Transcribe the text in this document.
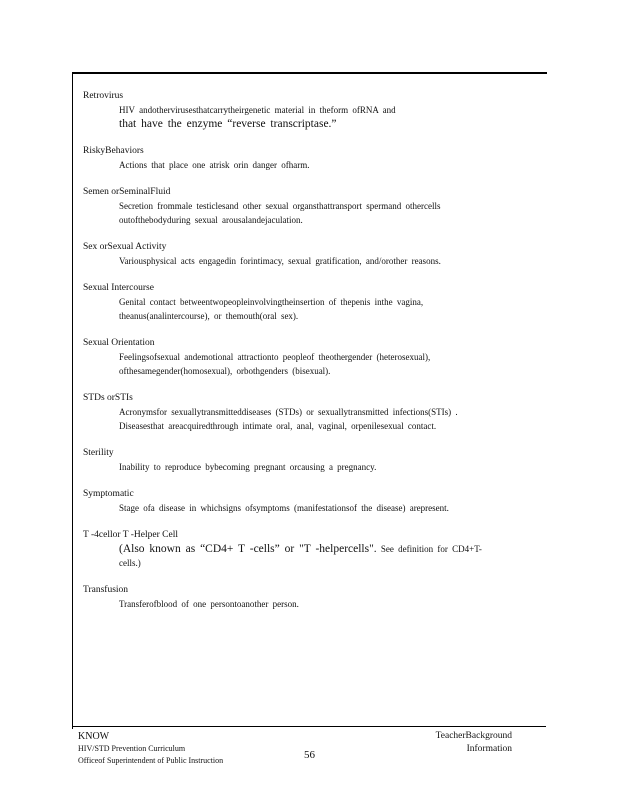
Retrovirus
HIV andothervirusesthatcarrytheirgenetic material in theform ofRNA and
that have the enzyme “reverse transcriptase.”
RiskyBehaviors
Actions that place one atrisk orin danger ofharm.
Semen orSeminalFluid
Secretion frommale testiclesand other sexual organsthattransport spermand othercells outofthebodyduring sexual arousalandejaculation.
Sex orSexual Activity
Variousphysical acts engagedin forintimacy, sexual gratification, and/orother reasons.
Sexual Intercourse
Genital contact betweentwopeopleinvolvingtheinsertion of thepenis inthe vagina, theanus(analintercourse), or themouth(oral sex).
Sexual Orientation
Feelingsofsexual andemotional attractionto peopleof theothergender (heterosexual), ofthesamegender(homosexual), orbothgenders (bisexual).
STDs orSTIs
Acronymsfor sexuallytransmitteddiseases (STDs) or sexuallytransmitted infections(STIs) . Diseasesthat areacquiredthrough intimate oral, anal, vaginal, orpenilesexual contact.
Sterility
Inability to reproduce bybecoming pregnant orcausing a pregnancy.
Symptomatic
Stage ofa disease in whichsigns ofsymptoms (manifestationsof the disease) arepresent.
T -4cellor T -Helper Cell
(Also known as “CD4+ T -cells” or "T -helpercells". See definition for CD4+T-cells.)
Transfusion
Transferofblood of one persontoanother person.
KNOW
HIV/STD Prevention Curriculum
Officeof Superintendent of Public Instruction	56
TeacherBackground
Information
